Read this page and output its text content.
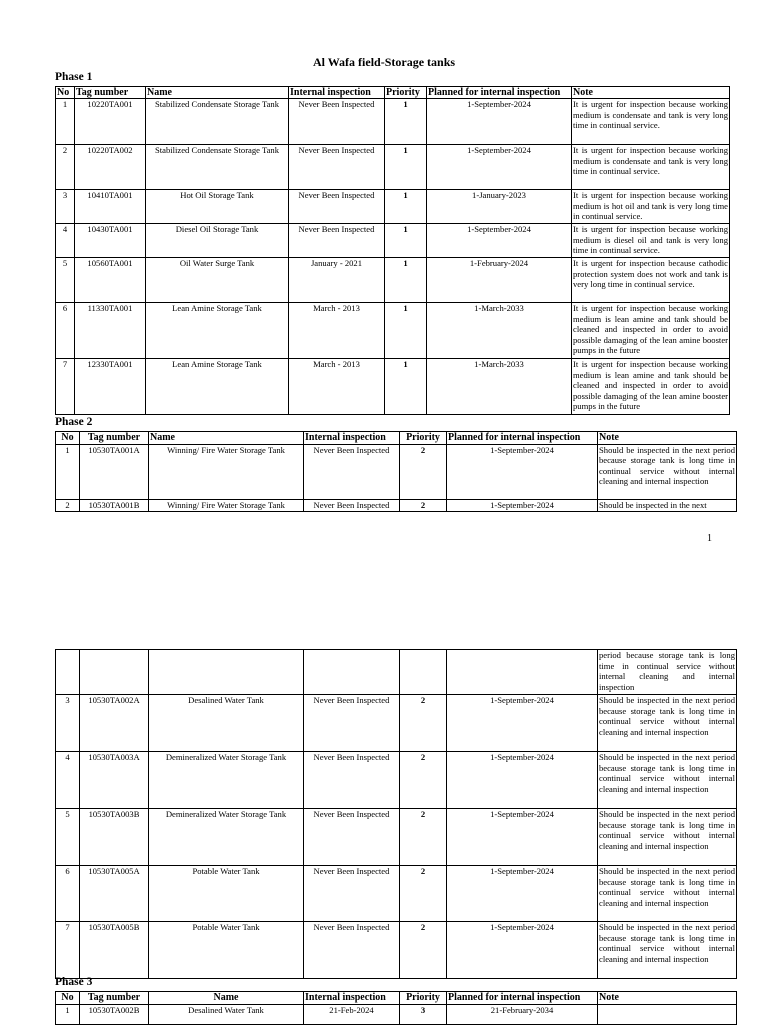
Al Wafa field-Storage tanks
Phase 1
No	Tag number	Name	Internal inspection	Priority	Planned for internal inspection	Note
1	10220TA001	Stabilized Condensate Storage Tank	Never Been Inspected	1	1-September-2024	It is urgent for inspection because working medium is condensate and tank is very long time in continual service.
2	10220TA002	Stabilized Condensate Storage Tank	Never Been Inspected	1	1-September-2024	It is urgent for inspection because working medium is condensate and tank is very long time in continual service.
3	10410TA001	Hot Oil Storage Tank	Never Been Inspected	1	1-January-2023	It is urgent for inspection because working medium is hot oil and tank is very long time in continual service.
4	10430TA001	Diesel Oil Storage Tank	Never Been Inspected	1	1-September-2024	It is urgent for inspection because working medium is diesel oil and tank is very long time in continual service.
5	10560TA001	Oil Water Surge Tank	January - 2021	1	1-February-2024	It is urgent for inspection because cathodic protection system does not work and tank is very long time in continual service.
6	11330TA001	Lean Amine Storage Tank	March - 2013	1	1-March-2033	It is urgent for inspection because working medium is lean amine and tank should be cleaned and inspected in order to avoid possible damaging of the lean amine booster pumps in the future
7	12330TA001	Lean Amine Storage Tank	March - 2013	1	1-March-2033	It is urgent for inspection because working medium is lean amine and tank should be cleaned and inspected in order to avoid possible damaging of the lean amine booster pumps in the future
Phase 2
No	Tag number	Name	Internal inspection	Priority	Planned for internal inspection	Note
1	10530TA001A	Winning/ Fire Water Storage Tank	Never Been Inspected	2	1-September-2024	Should be inspected in the next period because storage tank is long time in continual service without internal cleaning and internal inspection
2	10530TA001B	Winning/ Fire Water Storage Tank	Never Been Inspected	2	1-September-2024	Should be inspected in the next
1
						period because storage tank is long time in continual service without internal cleaning and internal inspection
3	10530TA002A	Desalined Water Tank	Never Been Inspected	2	1-September-2024	Should be inspected in the next period because storage tank is long time in continual service without internal cleaning and internal inspection
4	10530TA003A	Demineralized Water Storage Tank	Never Been Inspected	2	1-September-2024	Should be inspected in the next period because storage tank is long time in continual service without internal cleaning and internal inspection
5	10530TA003B	Demineralized Water Storage Tank	Never Been Inspected	2	1-September-2024	Should be inspected in the next period because storage tank is long time in continual service without internal cleaning and internal inspection
6	10530TA005A	Potable Water Tank	Never Been Inspected	2	1-September-2024	Should be inspected in the next period because storage tank is long time in continual service without internal cleaning and internal inspection
7	10530TA005B	Potable Water Tank	Never Been Inspected	2	1-September-2024	Should be inspected in the next period because storage tank is long time in continual service without internal cleaning and internal inspection
Phase 3
No	Tag number	Name	Internal inspection	Priority	Planned for internal inspection	Note
1	10530TA002B	Desalined Water Tank	21-Feb-2024	3	21-February-2034	
